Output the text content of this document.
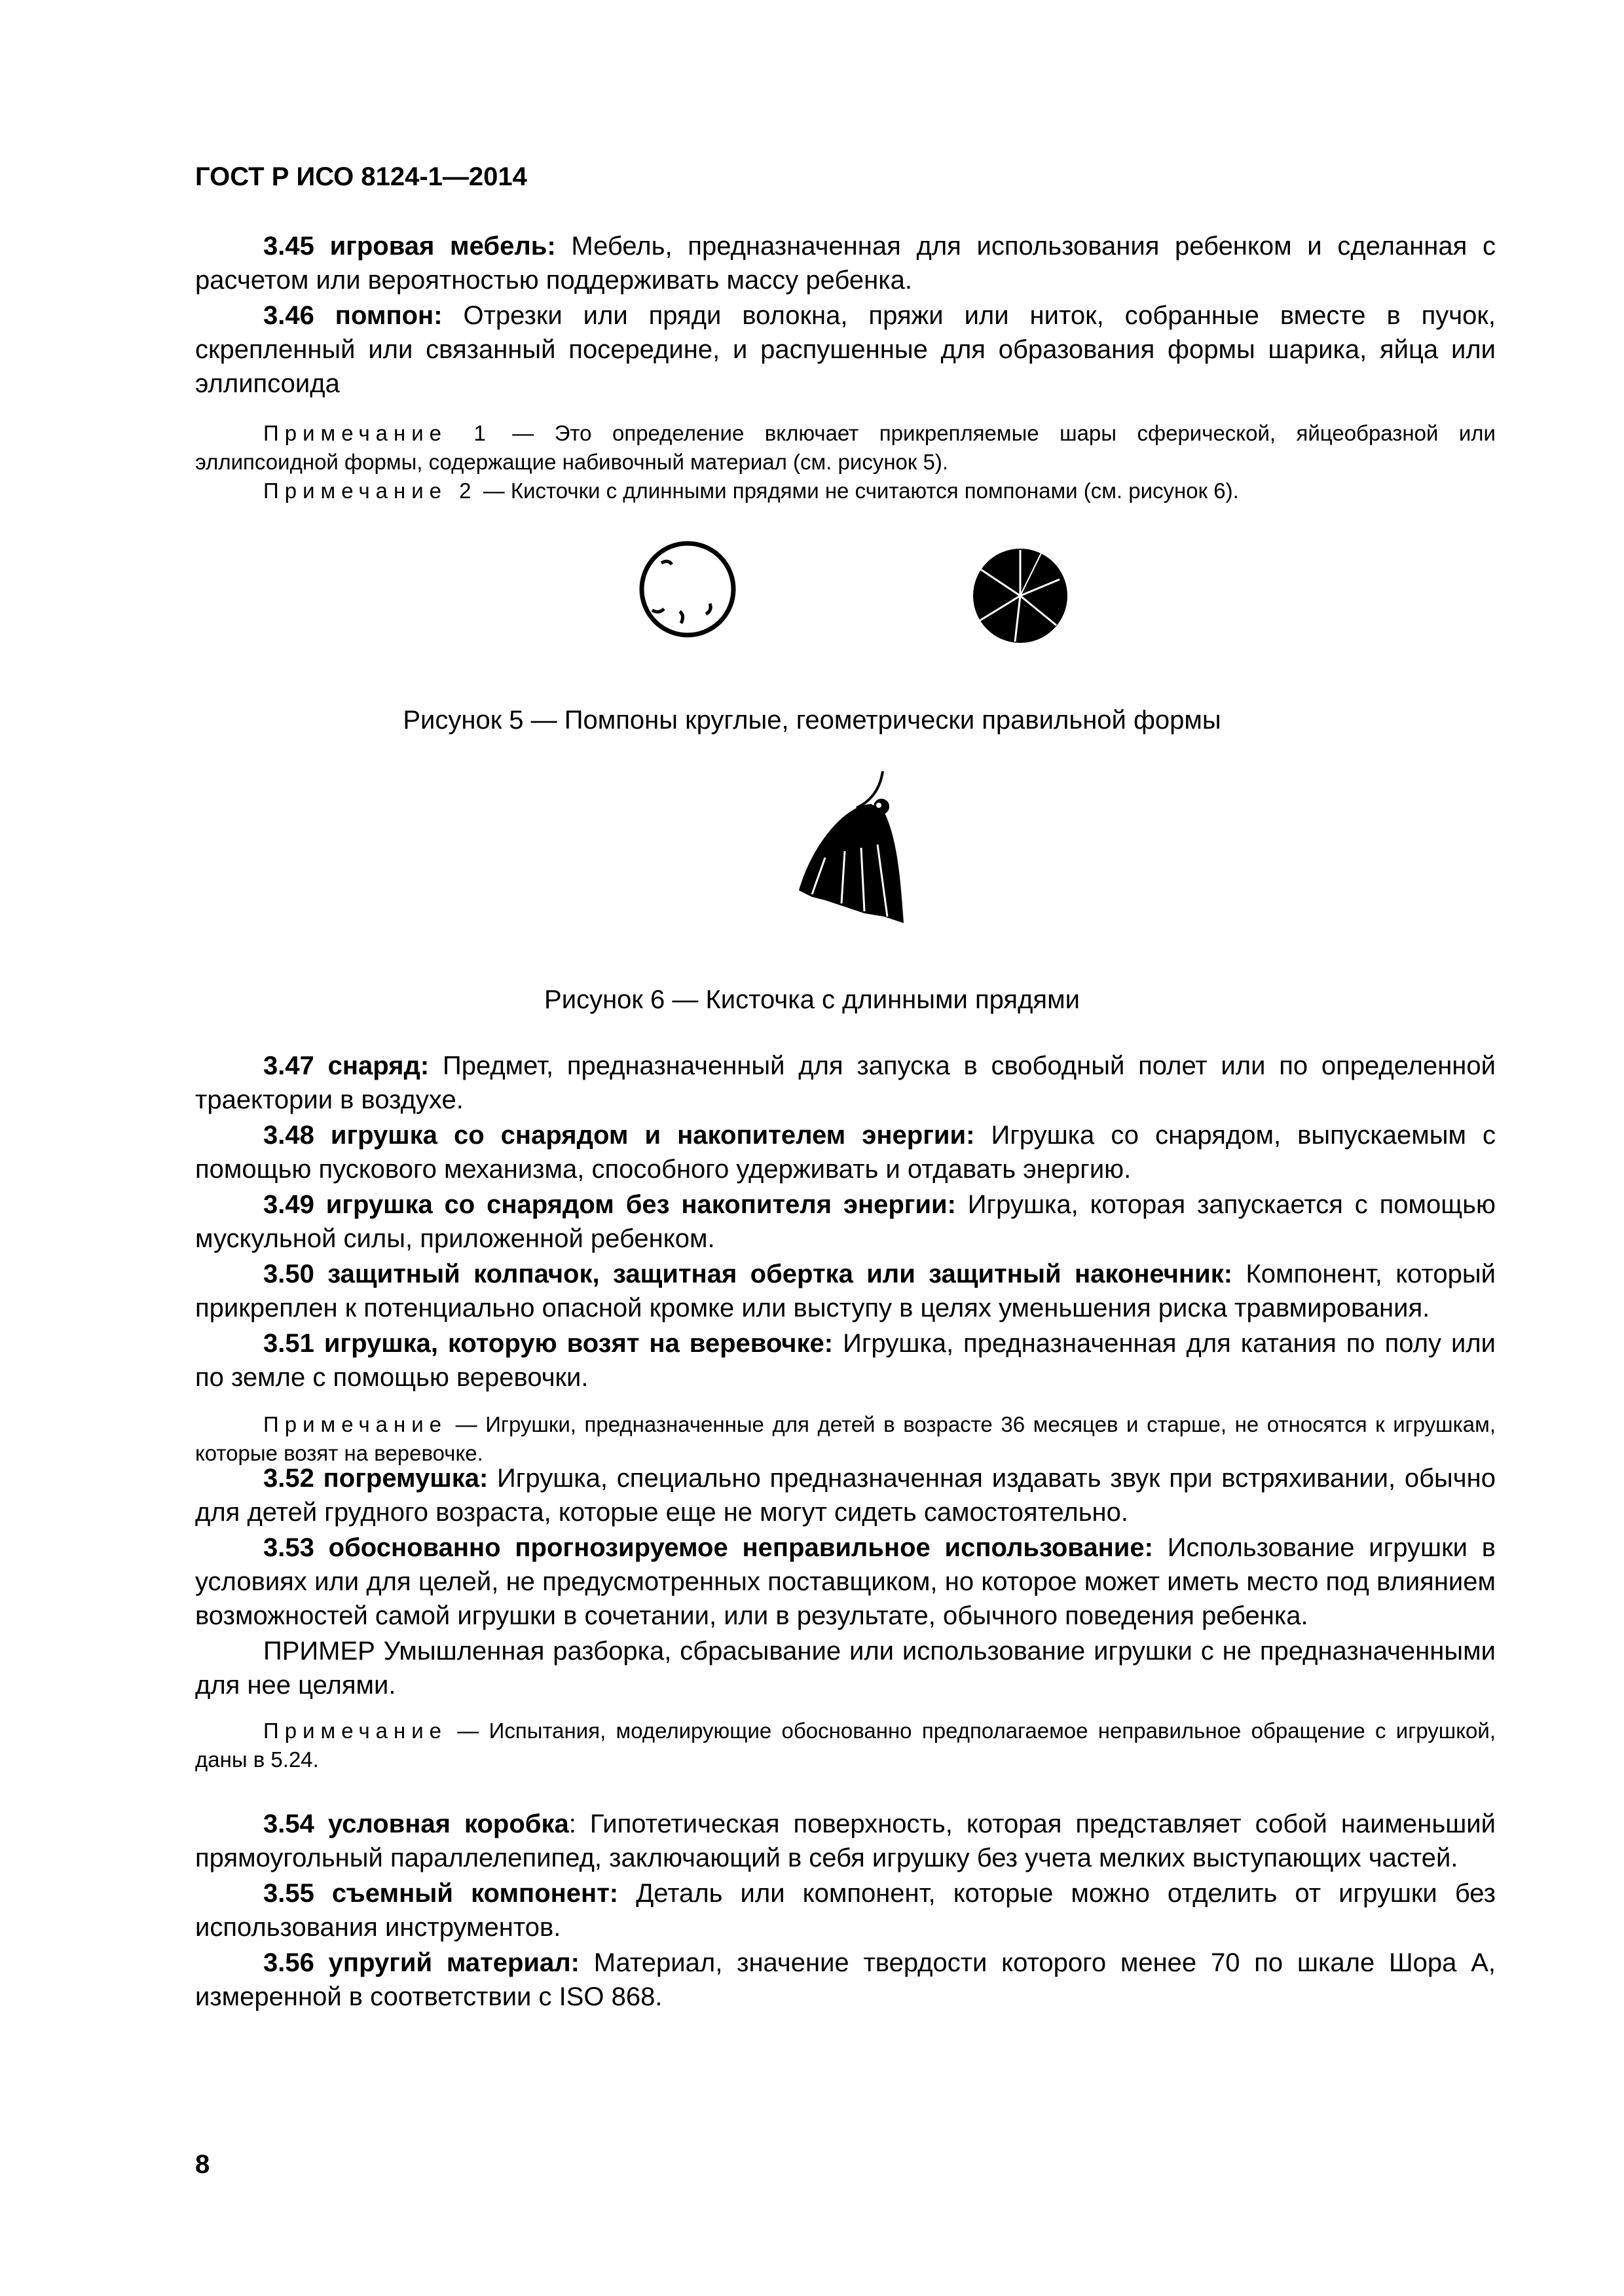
ГОСТ Р ИСО 8124-1—2014

3.45 игровая мебель: Мебель, предназначенная для использования ребенком и сделанная с расчетом или вероятностью поддерживать массу ребенка.

3.46 помпон: Отрезки или пряди волокна, пряжи или ниток, собранные вместе в пучок, скрепленный или связанный посередине, и распушенные для образования формы шарика, яйца или эллипсоида

Примечание 1 — Это определение включает прикрепляемые шары сферической, яйцеобразной или эллипсоидной формы, содержащие набивочный материал (см. рисунок 5).

Примечание 2 — Кисточки с длинными прядями не считаются помпонами (см. рисунок 6).

Рисунок 5 — Помпоны круглые, геометрически правильной формы
Рисунок 6 — Кисточка с длинными прядями

3.47 снаряд: Предмет, предназначенный для запуска в свободный полет или по определенной траектории в воздухе.

3.48 игрушка со снарядом и накопителем энергии: Игрушка со снарядом, выпускаемым с помощью пускового механизма, способного удерживать и отдавать энергию.

3.49 игрушка со снарядом без накопителя энергии: Игрушка, которая запускается с помощью мускульной силы, приложенной ребенком.

3.50 защитный колпачок, защитная обертка или защитный наконечник: Компонент, который прикреплен к потенциально опасной кромке или выступу в целях уменьшения риска травмирования.

3.51 игрушка, которую возят на веревочке: Игрушка, предназначенная для катания по полу или по земле с помощью веревочки.

Примечание — Игрушки, предназначенные для детей в возрасте 36 месяцев и старше, не относятся к игрушкам, которые возят на веревочке.

3.52 погремушка: Игрушка, специально предназначенная издавать звук при встряхивании, обычно для детей грудного возраста, которые еще не могут сидеть самостоятельно.

3.53 обоснованно прогнозируемое неправильное использование: Использование игрушки в условиях или для целей, не предусмотренных поставщиком, но которое может иметь место под влиянием возможностей самой игрушки в сочетании, или в результате, обычного поведения ребенка.

ПРИМЕР Умышленная разборка, сбрасывание или использование игрушки с не предназначенными для нее целями.

Примечание — Испытания, моделирующие обоснованно предполагаемое неправильное обращение с игрушкой, даны в 5.24.

3.54 условная коробка: Гипотетическая поверхность, которая представляет собой наименьший прямоугольный параллелепипед, заключающий в себя игрушку без учета мелких выступающих частей.

3.55 съемный компонент: Деталь или компонент, которые можно отделить от игрушки без использования инструментов.

3.56 упругий материал: Материал, значение твердости которого менее 70 по шкале Шора A, измеренной в соответствии с ISO 868.

8
